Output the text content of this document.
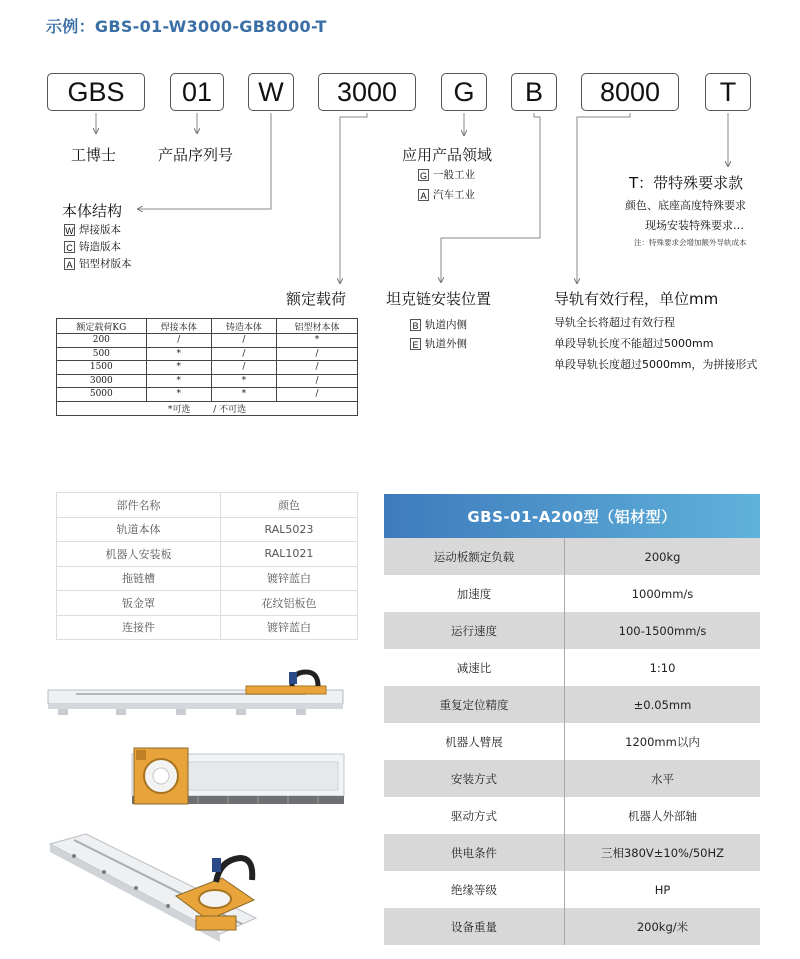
示例：GBS-01-W3000-GB8000-T
GBS	01	W	3000	G	B	8000	T
工博士	产品序列号	应用产品领域
G 一般工业
A 汽车工业
T：带特殊要求款
颜色、底座高度特殊要求
现场安装特殊要求…
注：特殊要求会增加额外导轨成本
本体结构
W 焊接版本
C 铸造版本
A 铝型材版本
额定载荷	坦克链安装位置
B 轨道内侧
E 轨道外侧
导轨有效行程，单位mm
导轨全长将超过有效行程
单段导轨长度不能超过5000mm
单段导轨长度超过5000mm，为拼接形式
额定载荷KG	焊接本体	铸造本体	铝型材本体
200	/	/	*
500	*	/	/
1500	*	/	/
3000	*	*	/
5000	*	*	/
*可选        / 不可选			
部件名称	颜色
轨道本体	RAL5023
机器人安装板	RAL1021
拖链槽	镀锌蓝白
钣金罩	花纹铝板色
连接件	镀锌蓝白
GBS-01-A200型（铝材型）
运动板额定负载	200kg
加速度	1000mm/s
运行速度	100-1500mm/s
减速比	1:10
重复定位精度	±0.05mm
机器人臂展	1200mm以内
安装方式	水平
驱动方式	机器人外部轴
供电条件	三相380V±10%/50HZ
绝缘等级	HP
设备重量	200kg/米
